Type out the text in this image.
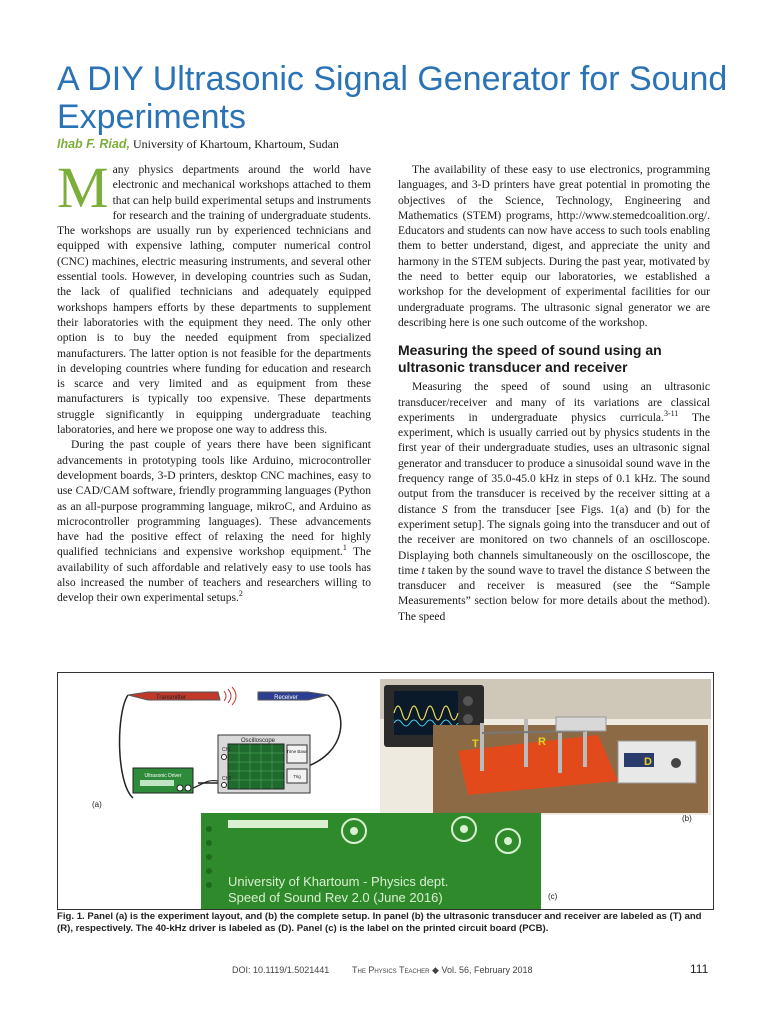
A DIY Ultrasonic Signal Generator for Sound Experiments
Ihab F. Riad, University of Khartoum, Khartoum, Sudan
M any physics departments around the world have electronic and mechanical workshops attached to them that can help build experimental setups and instruments for research and the training of undergraduate students. The workshops are usually run by experienced technicians and equipped with expensive lathing, computer numerical control (CNC) machines, electric measuring instruments, and several other essential tools. However, in developing countries such as Sudan, the lack of qualified technicians and adequately equipped workshops hampers efforts by these departments to supplement their laboratories with the equipment they need. The only other option is to buy the needed equipment from specialized manufacturers. The latter option is not feasible for the departments in developing countries where funding for education and research is scarce and very limited and as equipment from these manufacturers is typically too expensive. These departments struggle significantly in equipping undergraduate teaching laboratories, and here we propose one way to address this.

During the past couple of years there have been significant advancements in prototyping tools like Arduino, microcontroller development boards, 3-D printers, desktop CNC machines, easy to use CAD/CAM software, friendly programming languages (Python as an all-purpose programming language, mikroC, and Arduino as microcontroller programming languages). These advancements have had the positive effect of relaxing the need for highly qualified technicians and expensive workshop equipment.$^1$ The availability of such affordable and relatively easy to use tools has also increased the number of teachers and researchers willing to develop their own experimental setups.$^2$

The availability of these easy to use electronics, programming languages, and 3-D printers have great potential in promoting the objectives of the Science, Technology, Engineering and Mathematics (STEM) programs, http://www.stemedcoalition.org/. Educators and students can now have access to such tools enabling them to better understand, digest, and appreciate the unity and harmony in the STEM subjects. During the past year, motivated by the need to better equip our laboratories, we established a workshop for the development of experimental facilities for our undergraduate programs. The ultrasonic signal generator we are describing here is one such outcome of the workshop.

Measuring the speed of sound using an ultrasonic transducer and receiver

Measuring the speed of sound using an ultrasonic transducer/receiver and many of its variations are classical experiments in undergraduate physics curricula.$^{3-11}$ The experiment, which is usually carried out by physics students in the first year of their undergraduate studies, uses an ultrasonic signal generator and transducer to produce a sinusoidal sound wave in the frequency range of 35.0-45.0 kHz in steps of 0.1 kHz. The sound output from the transducer is received by the receiver sitting at a distance S from the transducer [see Figs. 1(a) and (b) for the experiment setup]. The signals going into the transducer and out of the receiver are monitored on two channels of an oscilloscope. Displaying both channels simultaneously on the oscilloscope, the time t taken by the sound wave to travel the distance S between the transducer and receiver is measured (see the “Sample Measurements” section below for more details about the method). The speed

Transmitter	Receiver
Oscilloscope
Ch1
Ch2
Time Base
Trig
Ultrasonic Driver
(a)
T	R
D
(b)
University of Khartoum - Physics dept.
Speed of Sound Rev 2.0 (June 2016)	(c)
Fig. 1. Panel (a) is the experiment layout, and (b) the complete setup. In panel (b) the ultrasonic transducer and receiver are labeled as (T) and (R), respectively. The 40-kHz driver is labeled as (D). Panel (c) is the label on the printed circuit board (PCB).
DOI: 10.1119/1.5021441	The Physics Teacher ◆ Vol. 56, February 2018	111
